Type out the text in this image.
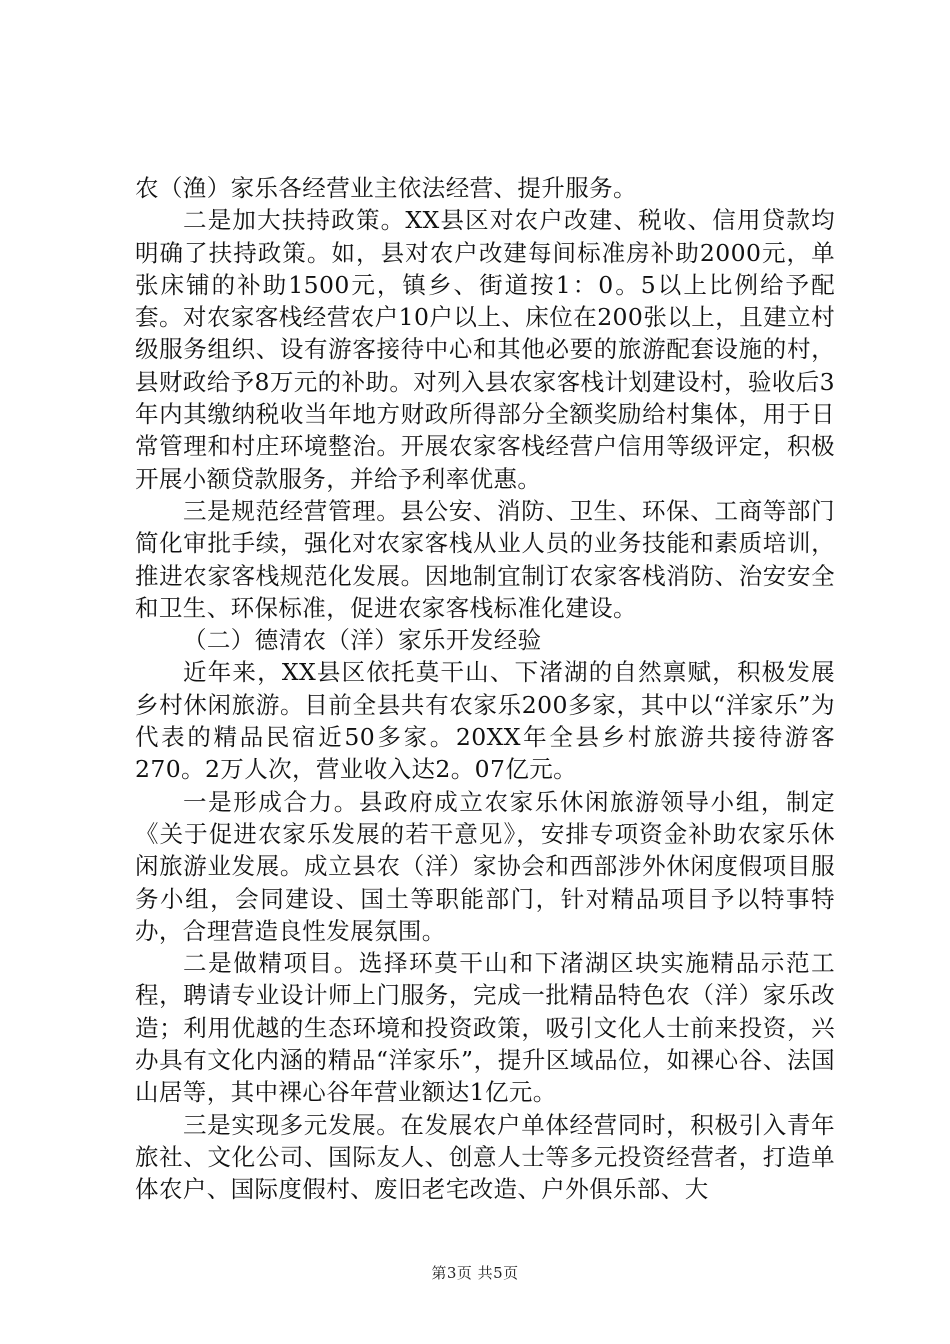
农（渔）家乐各经营业主依法经营、提升服务。

二是加大扶持政策。XX县区对农户改建、税收、信用贷款均明确了扶持政策。如，县对农户改建每间标准房补助2000元，单张床铺的补助1500元，镇乡、街道按1：0。5以上比例给予配套。对农家客栈经营农户10户以上、床位在200张以上，且建立村级服务组织、设有游客接待中心和其他必要的旅游配套设施的村，县财政给予8万元的补助。对列入县农家客栈计划建设村，验收后3年内其缴纳税收当年地方财政所得部分全额奖励给村集体，用于日常管理和村庄环境整治。开展农家客栈经营户信用等级评定，积极开展小额贷款服务，并给予利率优惠。

三是规范经营管理。县公安、消防、卫生、环保、工商等部门简化审批手续，强化对农家客栈从业人员的业务技能和素质培训，推进农家客栈规范化发展。因地制宜制订农家客栈消防、治安安全和卫生、环保标准，促进农家客栈标准化建设。

（二）德清农（洋）家乐开发经验

近年来，XX县区依托莫干山、下渚湖的自然禀赋，积极发展乡村休闲旅游。目前全县共有农家乐200多家，其中以“洋家乐”为代表的精品民宿近50多家。20XX年全县乡村旅游共接待游客270。2万人次，营业收入达2。07亿元。

一是形成合力。县政府成立农家乐休闲旅游领导小组，制定《关于促进农家乐发展的若干意见》，安排专项资金补助农家乐休闲旅游业发展。成立县农（洋）家协会和西部涉外休闲度假项目服务小组，会同建设、国土等职能部门，针对精品项目予以特事特办，合理营造良性发展氛围。

二是做精项目。选择环莫干山和下渚湖区块实施精品示范工程，聘请专业设计师上门服务，完成一批精品特色农（洋）家乐改造；利用优越的生态环境和投资政策，吸引文化人士前来投资，兴办具有文化内涵的精品“洋家乐”，提升区域品位，如裸心谷、法国山居等，其中裸心谷年营业额达1亿元。

三是实现多元发展。在发展农户单体经营同时，积极引入青年旅社、文化公司、国际友人、创意人士等多元投资经营者，打造单体农户、国际度假村、废旧老宅改造、户外俱乐部、大

第3页 共5页
